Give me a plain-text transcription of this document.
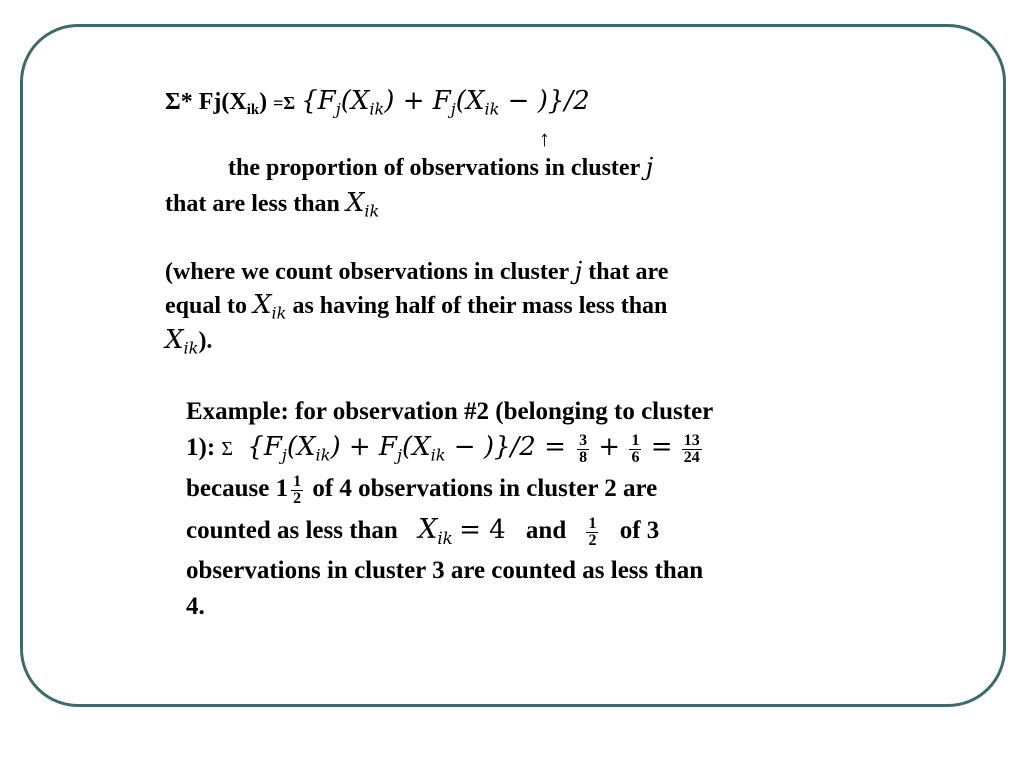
Σ* $Fj(X_{ik}) =\Sigma$ $\{F_j(X_{ik}) + F_j(X_{ik} - )\}/2$
↑
the proportion of observations in cluster j
that are less than $X_{ik}$
(where we count observations in cluster j that are
equal to $X_{ik}$ as having half of their mass less than
$X_{ik}$).
Example: for observation #2 (belonging to cluster
1): Σ $\{F_j(X_{ik}) + F_j(X_{ik} - )\}/2 = \frac{3}{8} + \frac{1}{6} = \frac{13}{24}$
because $1 \frac{1}{2}$ of 4 observations in cluster 2 are
counted as less than $X_{ik} = 4$ and $\frac{1}{2}$ of 3
observations in cluster 3 are counted as less than
4.
